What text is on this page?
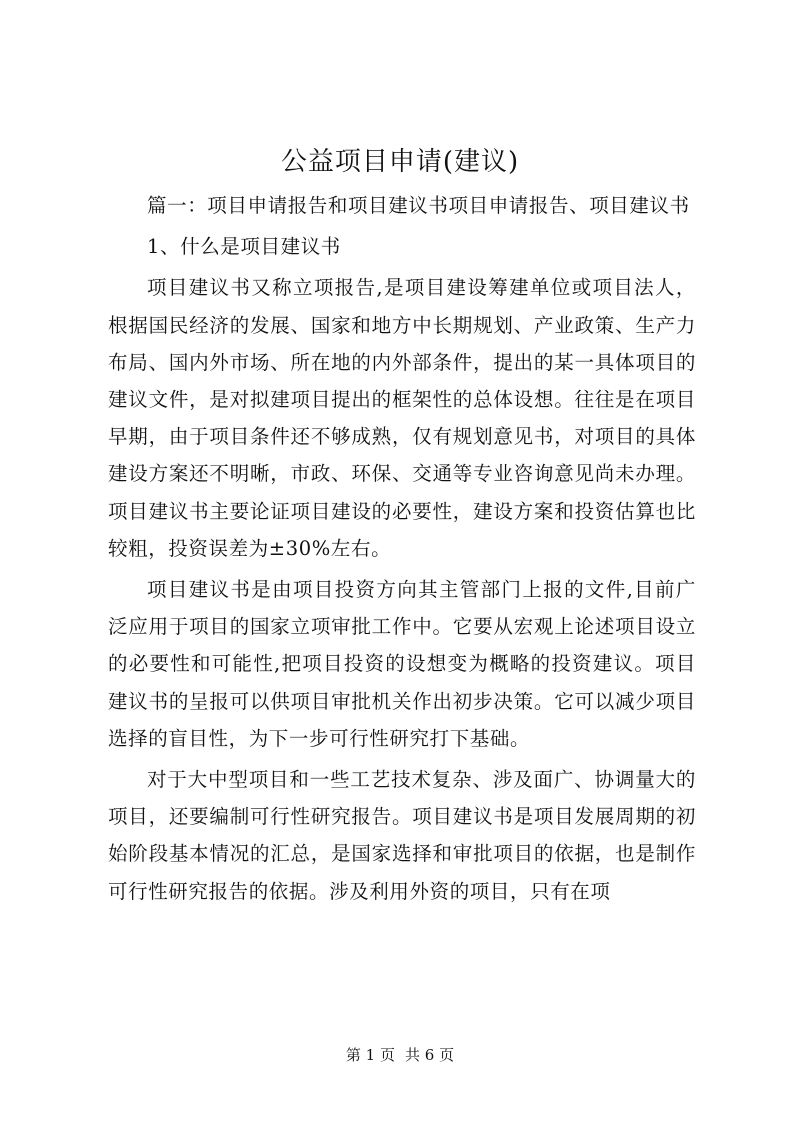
公益项目申请(建议)

篇一：项目申请报告和项目建议书项目申请报告、项目建议书

1、什么是项目建议书

项目建议书又称立项报告,是项目建设筹建单位或项目法人，根据国民经济的发展、国家和地方中长期规划、产业政策、生产力布局、国内外市场、所在地的内外部条件，提出的某一具体项目的建议文件，是对拟建项目提出的框架性的总体设想。往往是在项目早期，由于项目条件还不够成熟，仅有规划意见书，对项目的具体建设方案还不明晰，市政、环保、交通等专业咨询意见尚未办理。项目建议书主要论证项目建设的必要性，建设方案和投资估算也比较粗，投资误差为±30%左右。

项目建议书是由项目投资方向其主管部门上报的文件,目前广泛应用于项目的国家立项审批工作中。它要从宏观上论述项目设立的必要性和可能性,把项目投资的设想变为概略的投资建议。项目建议书的呈报可以供项目审批机关作出初步决策。它可以减少项目选择的盲目性，为下一步可行性研究打下基础。

对于大中型项目和一些工艺技术复杂、涉及面广、协调量大的项目，还要编制可行性研究报告。项目建议书是项目发展周期的初始阶段基本情况的汇总，是国家选择和审批项目的依据，也是制作可行性研究报告的依据。涉及利用外资的项目，只有在项

第 1 页 共 6 页
